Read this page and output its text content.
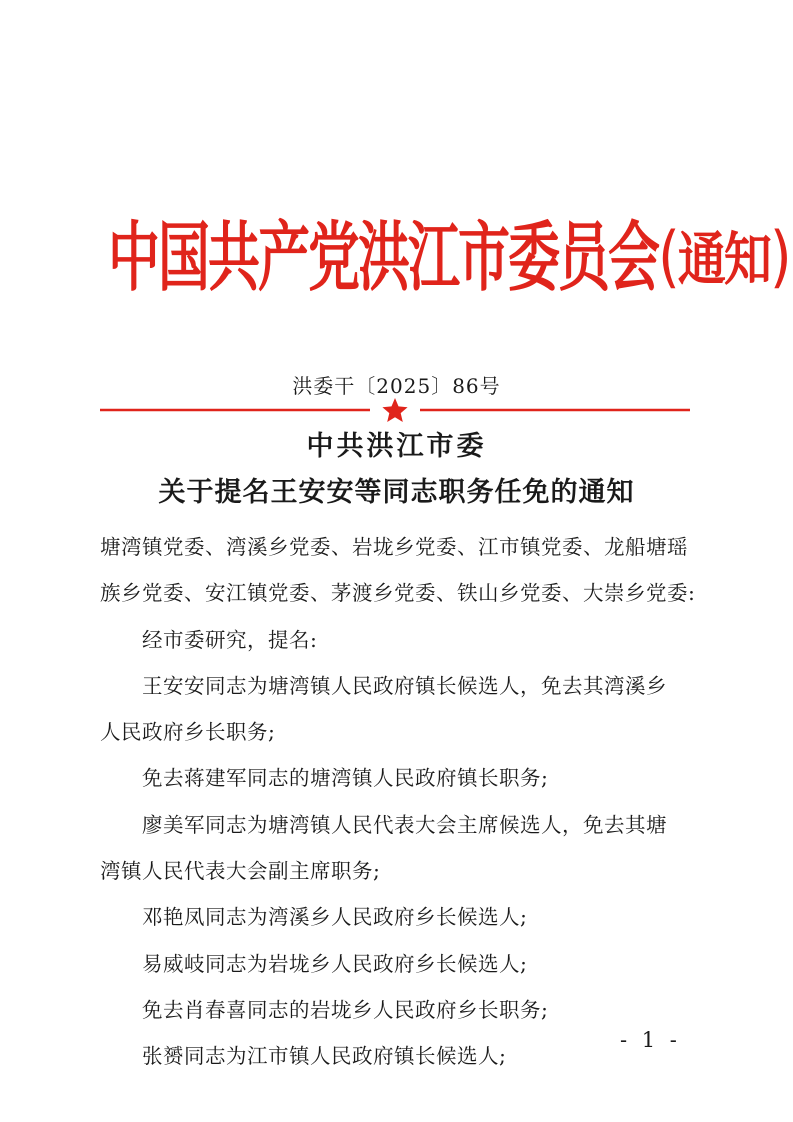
中国共产党洪江市委员会(通知)
洪委干〔2025〕86号
中共洪江市委
关于提名王安安等同志职务任免的通知
塘湾镇党委、湾溪乡党委、岩垅乡党委、江市镇党委、龙船塘瑶
族乡党委、安江镇党委、茅渡乡党委、铁山乡党委、大崇乡党委:
经市委研究，提名:
王安安同志为塘湾镇人民政府镇长候选人，免去其湾溪乡
人民政府乡长职务;
免去蒋建军同志的塘湾镇人民政府镇长职务;
廖美军同志为塘湾镇人民代表大会主席候选人，免去其塘
湾镇人民代表大会副主席职务;
邓艳凤同志为湾溪乡人民政府乡长候选人;
易威岐同志为岩垅乡人民政府乡长候选人;
免去肖春喜同志的岩垅乡人民政府乡长职务;
张赟同志为江市镇人民政府镇长候选人;
- 1 -
